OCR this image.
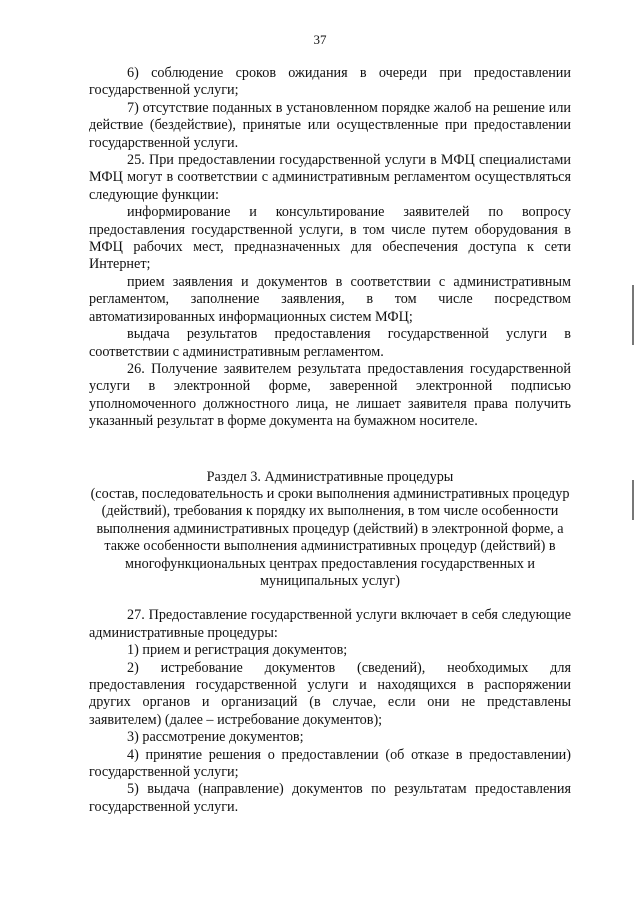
37

6) соблюдение сроков ожидания в очереди при предоставлении государственной услуги;

7) отсутствие поданных в установленном порядке жалоб на решение или действие (бездействие), принятые или осуществленные при предоставлении государственной услуги.

25. При предоставлении государственной услуги в МФЦ специалистами МФЦ могут в соответствии с административным регламентом осуществляться следующие функции:

информирование и консультирование заявителей по вопросу предоставления государственной услуги, в том числе путем оборудования в МФЦ рабочих мест, предназначенных для обеспечения доступа к сети Интернет;

прием заявления и документов в соответствии с административным регламентом, заполнение заявления, в том числе посредством автоматизированных информационных систем МФЦ;

выдача результатов предоставления государственной услуги в соответствии с административным регламентом.

26. Получение заявителем результата предоставления государственной услуги в электронной форме, заверенной электронной подписью уполномоченного должностного лица, не лишает заявителя права получить указанный результат в форме документа на бумажном носителе.

Раздел 3. Административные процедуры

(состав, последовательность и сроки выполнения административных процедур (действий), требования к порядку их выполнения, в том числе особенности выполнения административных процедур (действий) в электронной форме, а также особенности выполнения административных процедур (действий) в многофункциональных центрах предоставления государственных и муниципальных услуг)

27. Предоставление государственной услуги включает в себя следующие административные процедуры:

1) прием и регистрация документов;

2) истребование документов (сведений), необходимых для предоставления государственной услуги и находящихся в распоряжении других органов и организаций (в случае, если они не представлены заявителем) (далее – истребование документов);

3) рассмотрение документов;

4) принятие решения о предоставлении (об отказе в предоставлении) государственной услуги;

5) выдача (направление) документов по результатам предоставления государственной услуги.
